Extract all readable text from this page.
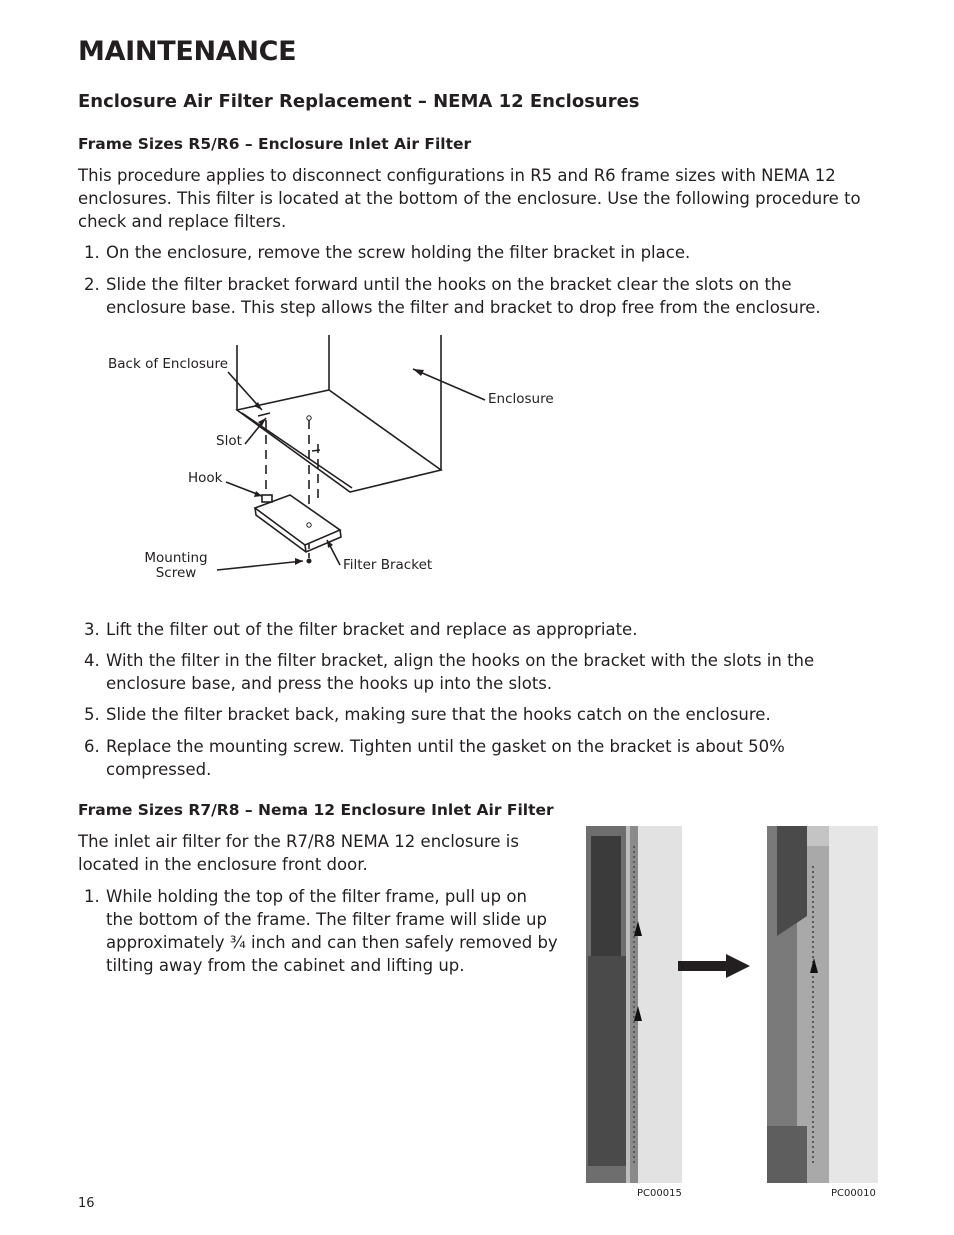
MAINTENANCE
Enclosure Air Filter Replacement – NEMA 12 Enclosures
Frame Sizes R5/R6 – Enclosure Inlet Air Filter
This procedure applies to disconnect configurations in R5 and R6 frame sizes with NEMA 12 enclosures. This filter is located at the bottom of the enclosure. Use the following procedure to check and replace filters.
1. On the enclosure, remove the screw holding the filter bracket in place.
2. Slide the filter bracket forward until the hooks on the bracket clear the slots on the enclosure base. This step allows the filter and bracket to drop free from the enclosure.
Back of Enclosure
Enclosure
Slot
Hook
Mounting
Screw	Filter Bracket
3. Lift the filter out of the filter bracket and replace as appropriate.
4. With the filter in the filter bracket, align the hooks on the bracket with the slots in the enclosure base, and press the hooks up into the slots.
5. Slide the filter bracket back, making sure that the hooks catch on the enclosure.
6. Replace the mounting screw. Tighten until the gasket on the bracket is about 50% compressed.
Frame Sizes R7/R8 – Nema 12 Enclosure Inlet Air Filter
The inlet air filter for the R7/R8 NEMA 12 enclosure is located in the enclosure front door.
1. While holding the top of the filter frame, pull up on the bottom of the frame. The filter frame will slide up approximately ¾ inch and can then safely removed by tilting away from the cabinet and lifting up.
PC00015	PC00010
16
